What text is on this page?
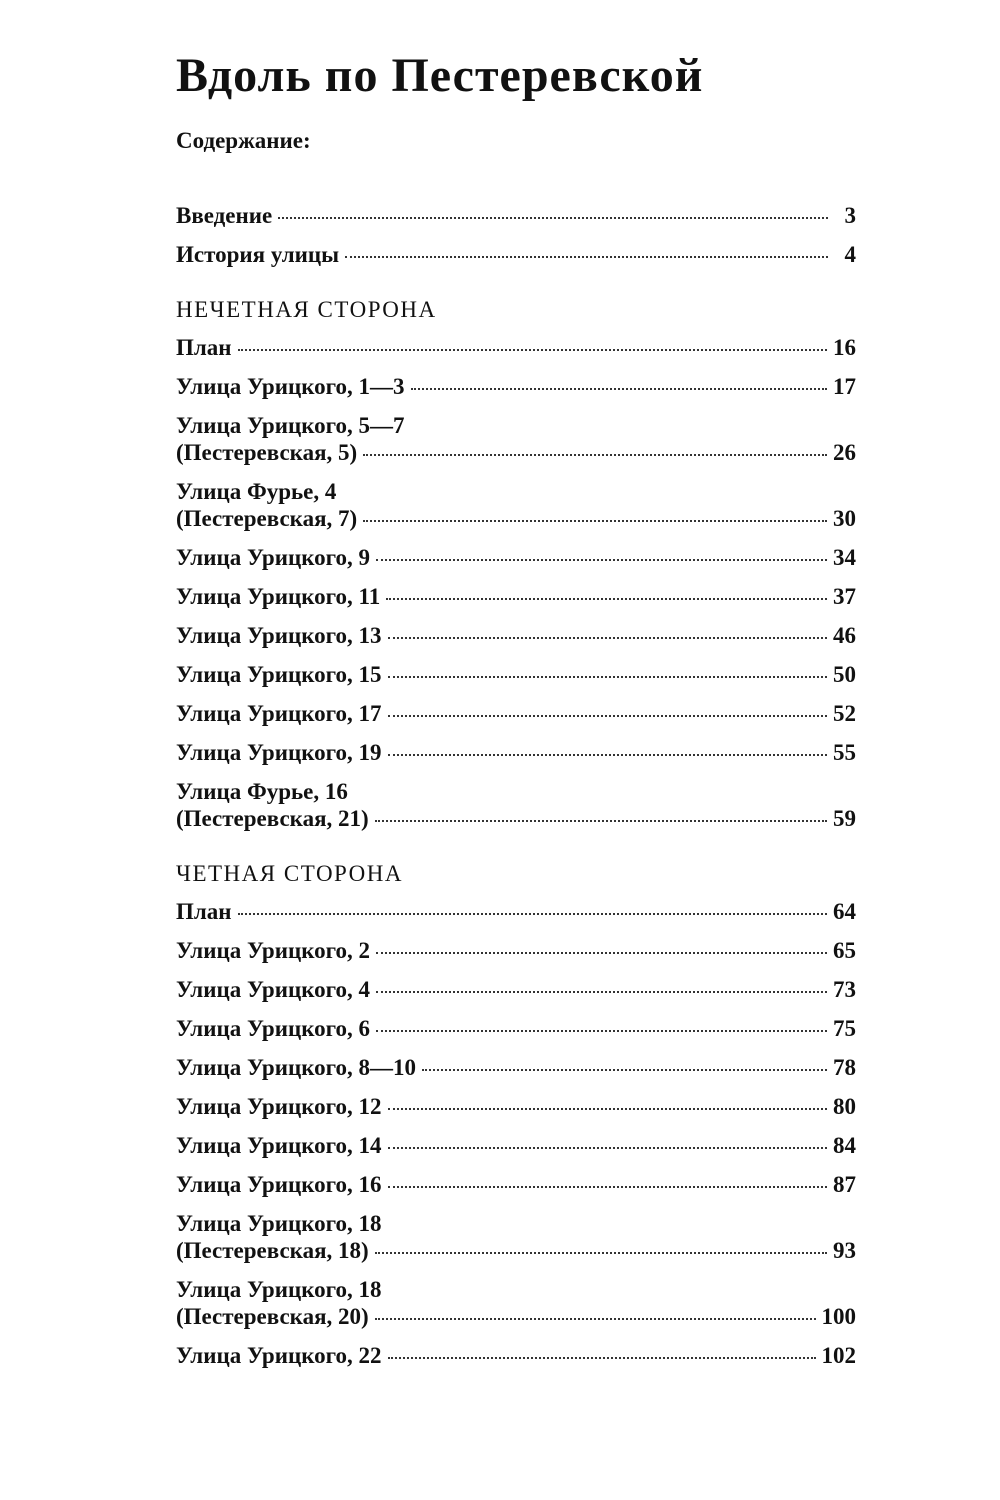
Вдоль по Пестеревской
Содержание:
Введение	3
История улицы	4
НЕЧЕТНАЯ СТОРОНА
План	16
Улица Урицкого, 1—3	17
Улица Урицкого, 5—7
(Пестеревская, 5)	26
Улица Фурье, 4
(Пестеревская, 7)	30
Улица Урицкого, 9	34
Улица Урицкого, 11	37
Улица Урицкого, 13	46
Улица Урицкого, 15	50
Улица Урицкого, 17	52
Улица Урицкого, 19	55
Улица Фурье, 16
(Пестеревская, 21)	59
ЧЕТНАЯ СТОРОНА
План	64
Улица Урицкого, 2	65
Улица Урицкого, 4	73
Улица Урицкого, 6	75
Улица Урицкого, 8—10	78
Улица Урицкого, 12	80
Улица Урицкого, 14	84
Улица Урицкого, 16	87
Улица Урицкого, 18
(Пестеревская, 18)	93
Улица Урицкого, 18
(Пестеревская, 20)	100
Улица Урицкого, 22	102
